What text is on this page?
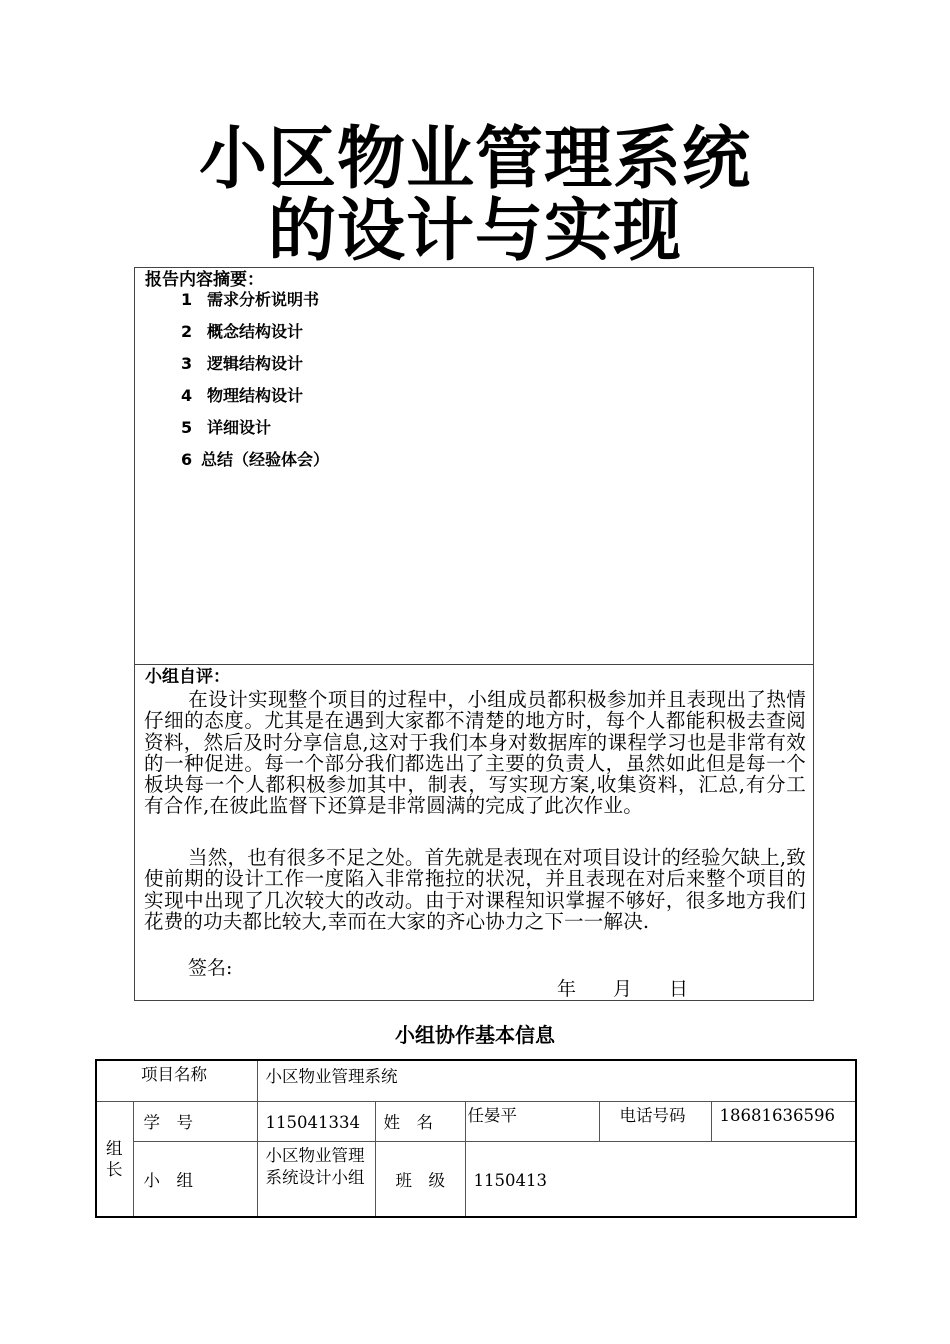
小区物业管理系统
的设计与实现
报告内容摘要：
1 需求分析说明书
2 概念结构设计
3 逻辑结构设计
4 物理结构设计
5 详细设计
6 总结（经验体会）
小组自评：
在设计实现整个项目的过程中，小组成员都积极参加并且表现出了热情仔细的态度。尤其是在遇到大家都不清楚的地方时，每个人都能积极去查阅资料，然后及时分享信息,这对于我们本身对数据库的课程学习也是非常有效的一种促进。每一个部分我们都选出了主要的负责人，虽然如此但是每一个板块每一个人都积极参加其中，制表，写实现方案,收集资料，汇总,有分工有合作,在彼此监督下还算是非常圆满的完成了此次作业。
当然，也有很多不足之处。首先就是表现在对项目设计的经验欠缺上,致使前期的设计工作一度陷入非常拖拉的状况，并且表现在对后来整个项目的实现中出现了几次较大的改动。由于对课程知识掌握不够好，很多地方我们花费的功夫都比较大,幸而在大家的齐心协力之下一一解决.
签名:
年 月 日
小组协作基本信息
项目名称		小区物业管理系统				

组长	学　号	115041334	姓　名	任晏平	电话号码	18681636596

	小　组	小区物业管理系统设计小组	班　级	1150413		
